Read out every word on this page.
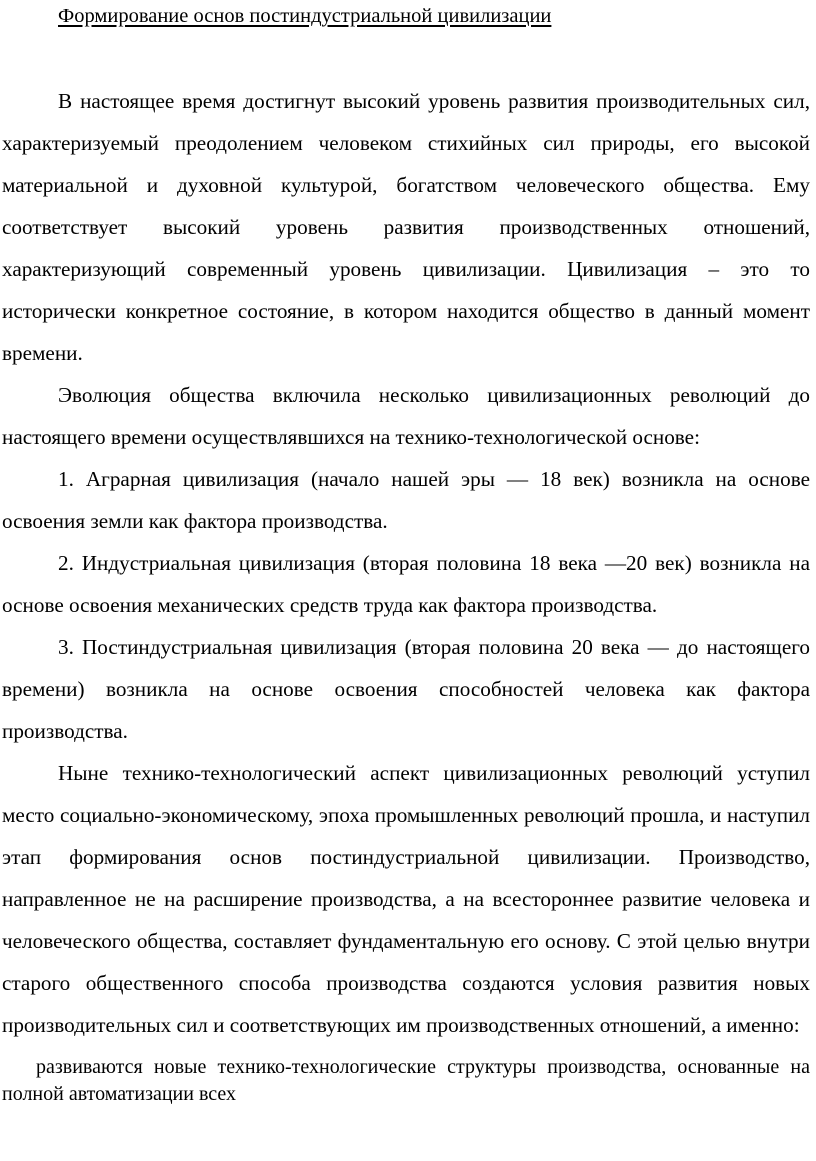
Формирование основ постиндустриальной цивилизации

В настоящее время достигнут высокий уровень развития производительных сил, характеризуемый преодолением человеком стихийных сил природы, его высокой материальной и духовной культурой, богатством человеческого общества. Ему соответствует высокий уровень развития производственных отношений, характеризующий современный уровень цивилизации. Цивилизация – это то исторически конкретное состояние, в котором находится общество в данный момент времени.

Эволюция общества включила несколько цивилизационных революций до настоящего времени осуществлявшихся на технико-технологической основе:

1. Аграрная цивилизация (начало нашей эры — 18 век) возникла на основе освоения земли как фактора производства.

2. Индустриальная цивилизация (вторая половина 18 века —20 век) возникла на основе освоения механических средств труда как фактора производства.

3. Постиндустриальная цивилизация (вторая половина 20 века — до настоящего времени) возникла на основе освоения способностей человека как фактора производства.

Ныне технико-технологический аспект цивилизационных революций уступил место социально-экономическому, эпоха промышленных революций прошла, и наступил этап формирования основ постиндустриальной цивилизации. Производство, направленное не на расширение производства, а на всестороннее развитие человека и человеческого общества, составляет фундаментальную его основу. С этой целью внутри старого общественного способа производства создаются условия развития новых производительных сил и соответствующих им производственных отношений, а именно:

развиваются новые технико-технологические структуры производства, основанные на полной автоматизации всех
